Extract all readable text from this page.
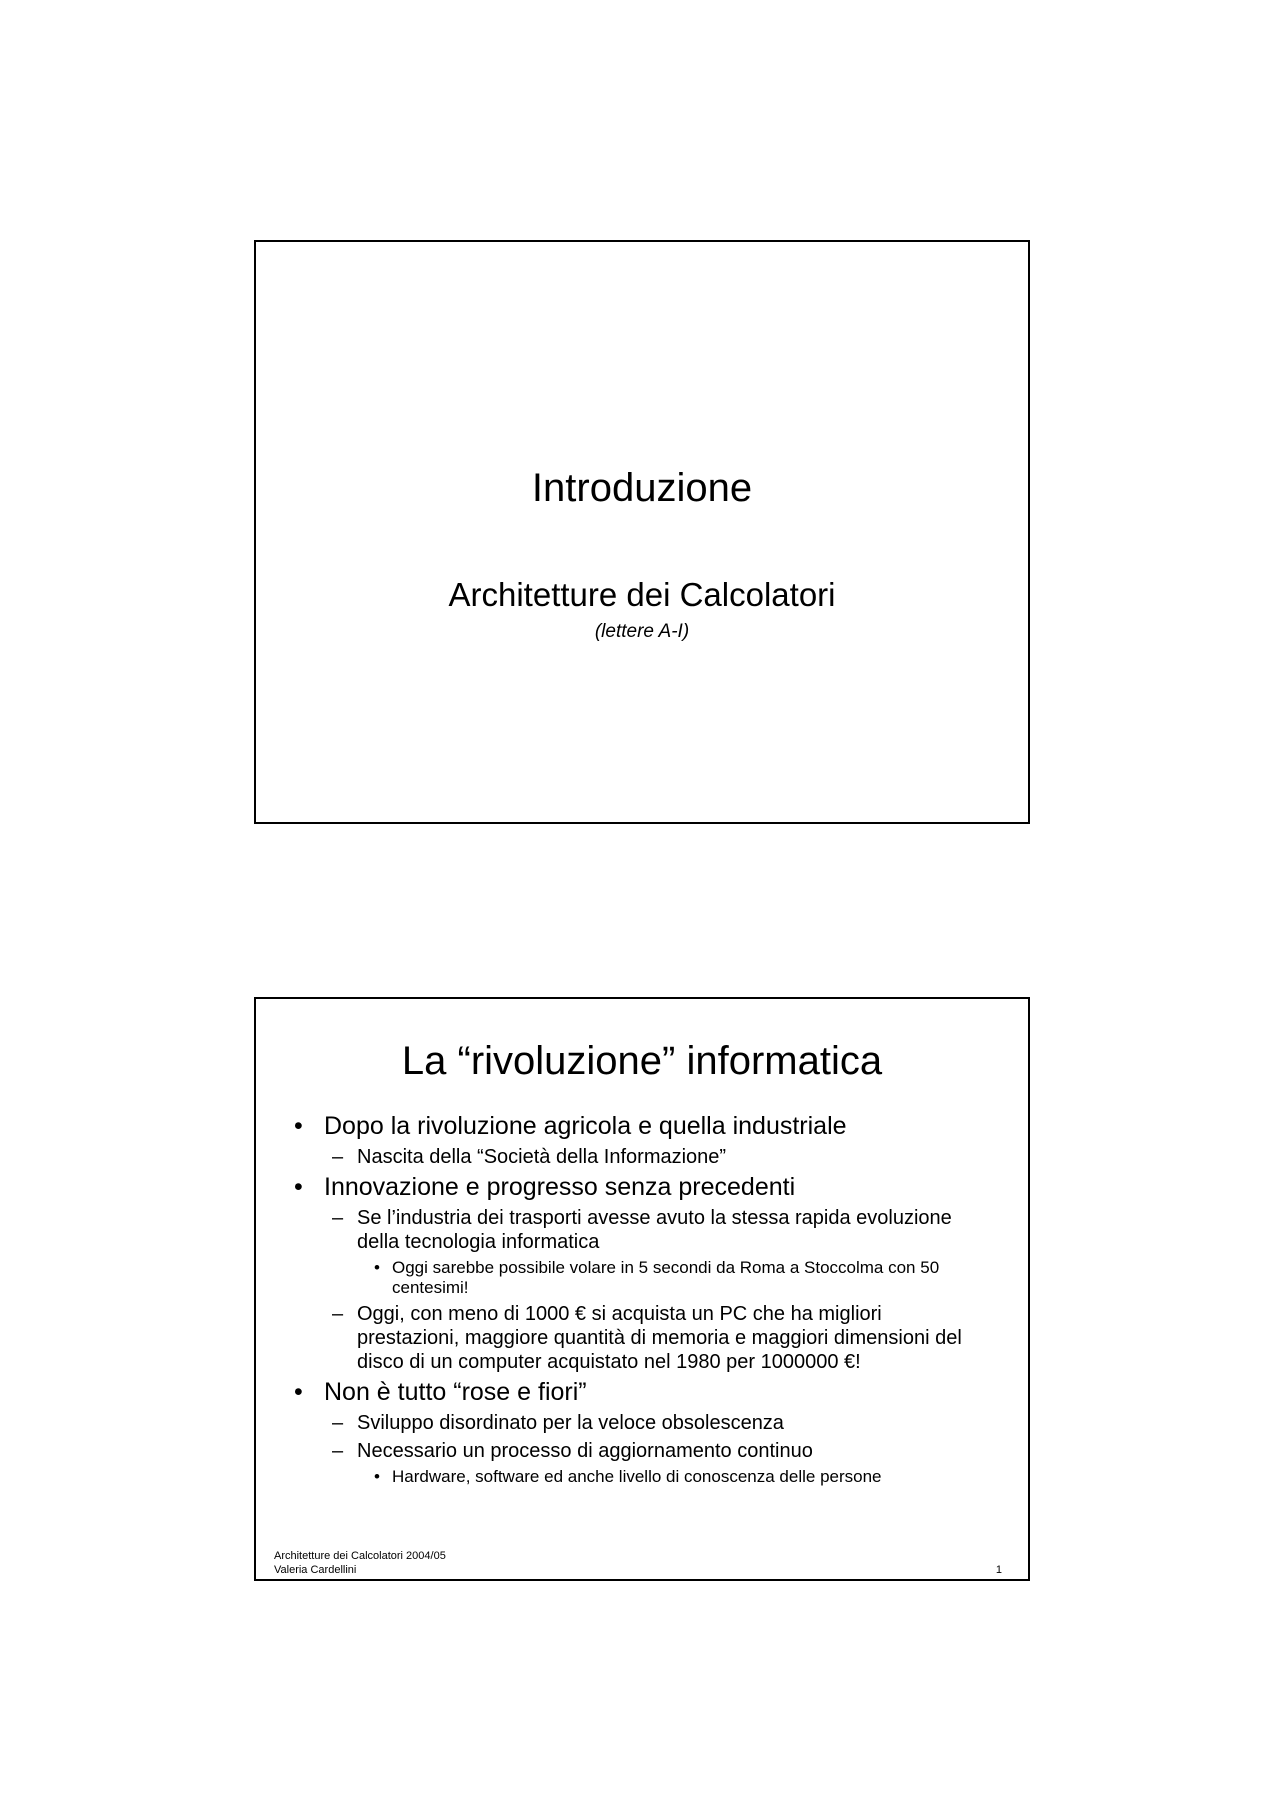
Introduzione
Architetture dei Calcolatori
(lettere A-I)
La “rivoluzione” informatica
• Dopo la rivoluzione agricola e quella industriale
– Nascita della “Società della Informazione”
• Innovazione e progresso senza precedenti
– Se l’industria dei trasporti avesse avuto la stessa rapida evoluzione della tecnologia informatica
• Oggi sarebbe possibile volare in 5 secondi da Roma a Stoccolma con 50 centesimi!
– Oggi, con meno di 1000 € si acquista un PC che ha migliori prestazioni, maggiore quantità di memoria e maggiori dimensioni del disco di un computer acquistato nel 1980 per 1000000 €!
• Non è tutto “rose e fiori”
– Sviluppo disordinato per la veloce obsolescenza
– Necessario un processo di aggiornamento continuo
• Hardware, software ed anche livello di conoscenza delle persone
Architetture dei Calcolatori 2004/05
Valeria Cardellini	1
